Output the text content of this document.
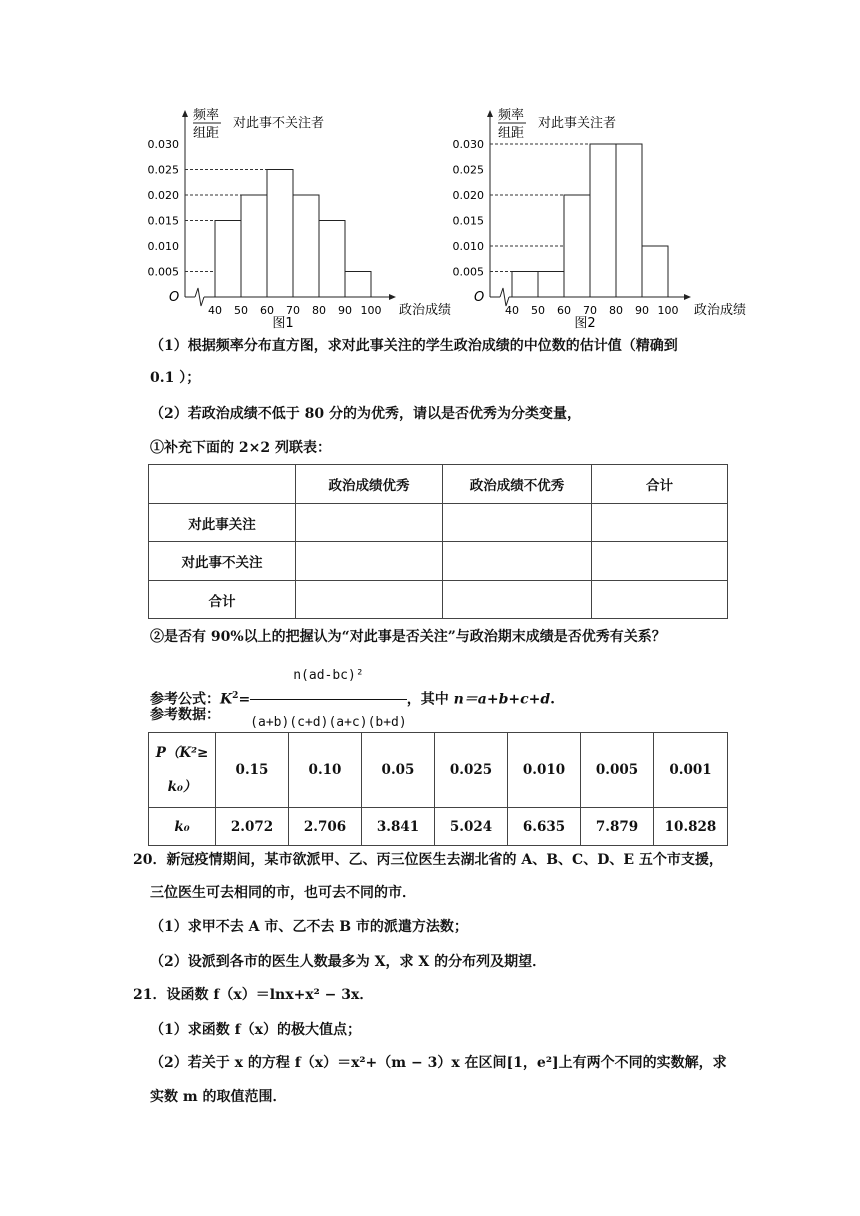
O
0.005
0.010
0.015
0.020
0.025
0.030
40 50 60 70 80 90 100 政治成绩
频率
组距
对此事不关注者
图1
O
0.005
0.010
0.015
0.020
0.025
0.030
40 50 60 70 80 90 100 政治成绩
频率
组距
对此事关注者
图2
（1）根据频率分布直方图，求对此事关注的学生政治成绩的中位数的估计值（精确到
0.1 ）；
（2）若政治成绩不低于 80 分的为优秀，请以是否优秀为分类变量，
①补充下面的 2×2 列联表：
	政治成绩优秀	政治成绩不优秀	合计
对此事关注			
对此事不关注			
合计			
②是否有 90%以上的把握认为“对此事是否关注”与政治期末成绩是否优秀有关系？
参考公式：$K^2= \frac{\text{n(ad-bc)²}}{(a+b)(c+d)(a+c)(b+d)}$ ，其中 n＝a+b+c+d.
参考数据：
P（K²≥
k₀）	0.15	0.10	0.05	0.025	0.010	0.005	0.001
k₀	2.072	2.706	3.841	5.024	6.635	7.879	10.828
20．新冠疫情期间，某市欲派甲、乙、丙三位医生去湖北省的 A、B、C、D、E 五个市支援，
三位医生可去相同的市，也可去不同的市．
（1）求甲不去 A 市、乙不去 B 市的派遣方法数；
（2）设派到各市的医生人数最多为 X，求 X 的分布列及期望．
21．设函数 f（x）＝lnx+x² − 3x．
（1）求函数 f（x）的极大值点；
（2）若关于 x 的方程 f（x）＝x²+（m − 3）x 在区间[1，e²]上有两个不同的实数解，求
实数 m 的取值范围．
